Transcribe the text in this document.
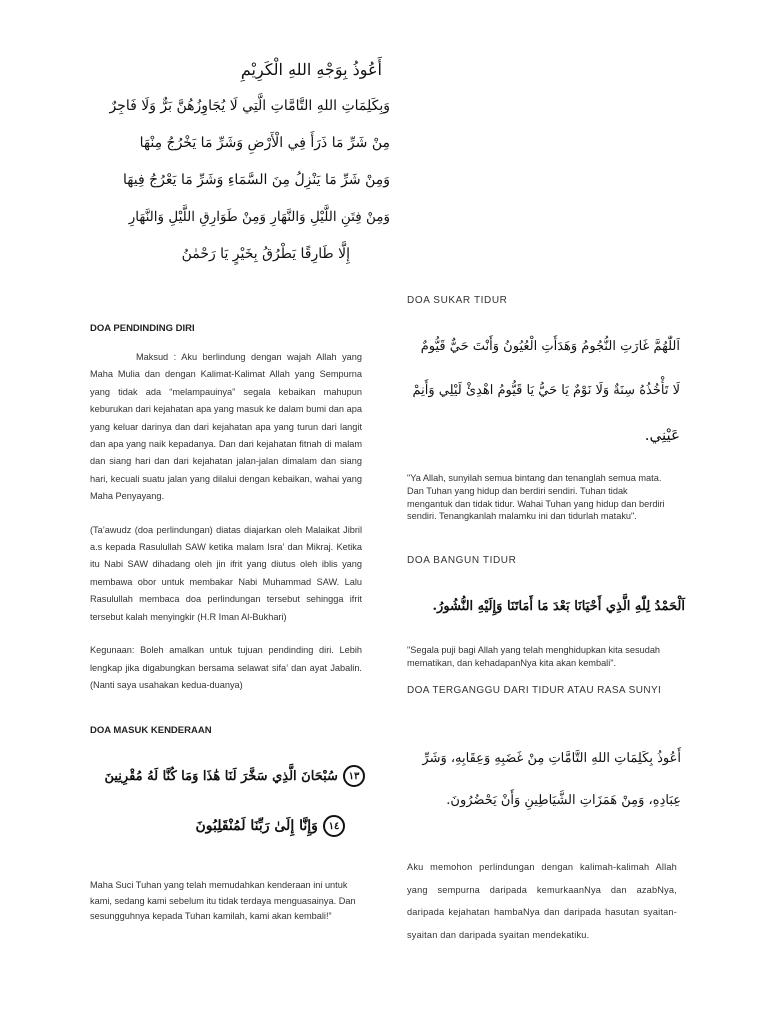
أَعُوذُ بِوَجْهِ اللهِ الْكَرِيْمِ
وَبِكَلِمَاتِ اللهِ التَّامَّاتِ الَّتِي لَا يُجَاوِزُهُنَّ بَرٌّ وَلَا فَاجِرٌ
مِنْ شَرِّ مَا ذَرَأَ فِي الْأَرْضِ وَشَرِّ مَا يَخْرُجُ مِنْهَا
وَمِنْ شَرِّ مَا يَنْزِلُ مِنَ السَّمَاءِ وَشَرِّ مَا يَعْرُجُ فِيهَا
وَمِنْ فِتَنِ اللَّيْلِ وَالنَّهَارِ وَمِنْ طَوَارِقِ اللَّيْلِ وَالنَّهَارِ
إِلَّا طَارِقًا يَطْرُقُ بِخَيْرٍ يَا رَحْمٰنُ
DOA PENDINDING DIRI

Maksud : Aku berlindung dengan wajah Allah yang Maha Mulia dan dengan Kalimat-Kalimat Allah yang Sempurna yang tidak ada “melampauinya” segala kebaikan mahupun keburukan dari kejahatan apa yang masuk ke dalam bumi dan apa yang keluar darinya dan dari kejahatan apa yang turun dari langit dan apa yang naik kepadanya. Dan dari kejahatan fitnah di malam dan siang hari dan dari kejahatan jalan-jalan dimalam dan siang hari, kecuali suatu jalan yang dilalui dengan kebaikan, wahai yang Maha Penyayang.

(Ta’awudz (doa perlindungan) diatas diajarkan oleh Malaikat Jibril a.s kepada Rasulullah SAW ketika malam Isra’ dan Mikraj. Ketika itu Nabi SAW dihadang oleh jin ifrit yang diutus oleh iblis yang membawa obor untuk membakar Nabi Muhammad SAW. Lalu Rasulullah membaca doa perlindungan tersebut sehingga ifrit tersebut kalah menyingkir (H.R Iman Al-Bukhari)

Kegunaan: Boleh amalkan untuk tujuan pendinding diri. Lebih lengkap jika digabungkan bersama selawat sifa’ dan ayat Jabalin. (Nanti saya usahakan kedua-duanya)

DOA MASUK KENDERAAN
١٣ سُبْحَانَ الَّذِي سَخَّرَ لَنَا هَٰذَا وَمَا كُنَّا لَهُ مُقْرِنِينَ
١٤ وَإِنَّا إِلَىٰ رَبِّنَا لَمُنْقَلِبُونَ
Maha Suci Tuhan yang telah memudahkan kenderaan ini untuk kami, sedang kami sebelum itu tidak terdaya menguasainya. Dan sesungguhnya kepada Tuhan kamilah, kami akan kembali!”
DOA SUKAR TIDUR
اَللّٰهُمَّ غَارَتِ النُّجُومُ وَهَدَأَتِ الْعُيُونُ وَأَنْتَ حَيٌّ قَيُّومٌ
لَا تَأْخُذُهُ سِنَةٌ وَلَا نَوْمٌ يَا حَيُّ يَا قَيُّومُ اهْدِئْ لَيْلِي وَأَنِمْ
عَيْنِي.
"Ya Allah, sunyilah semua bintang dan tenanglah semua mata. Dan Tuhan yang hidup dan berdiri sendiri. Tuhan tidak mengantuk dan tidak tidur. Wahai Tuhan yang hidup dan berdiri sendiri. Tenangkanlah malamku ini dan tidurlah mataku".
DOA BANGUN TIDUR
اَلْحَمْدُ لِلّٰهِ الَّذِي أَحْيَانَا بَعْدَ مَا أَمَاتَنَا وَإِلَيْهِ النُّشُورُ.
"Segala puji bagi Allah yang telah menghidupkan kita sesudah mematikan, dan kehadapanNya kita akan kembali".
DOA TERGANGGU DARI TIDUR ATAU RASA SUNYI
أَعُوذُ بِكَلِمَاتِ اللهِ التَّامَّاتِ مِنْ غَضَبِهِ وَعِقَابِهِ، وَشَرِّ
عِبَادِهِ، وَمِنْ هَمَزَاتِ الشَّيَاطِينِ وَأَنْ يَحْضُرُونَ.
Aku memohon perlindungan dengan kalimah-kalimah Allah yang sempurna daripada kemurkaanNya dan azabNya, daripada kejahatan hambaNya dan daripada hasutan syaitan-syaitan dan daripada syaitan mendekatiku.
